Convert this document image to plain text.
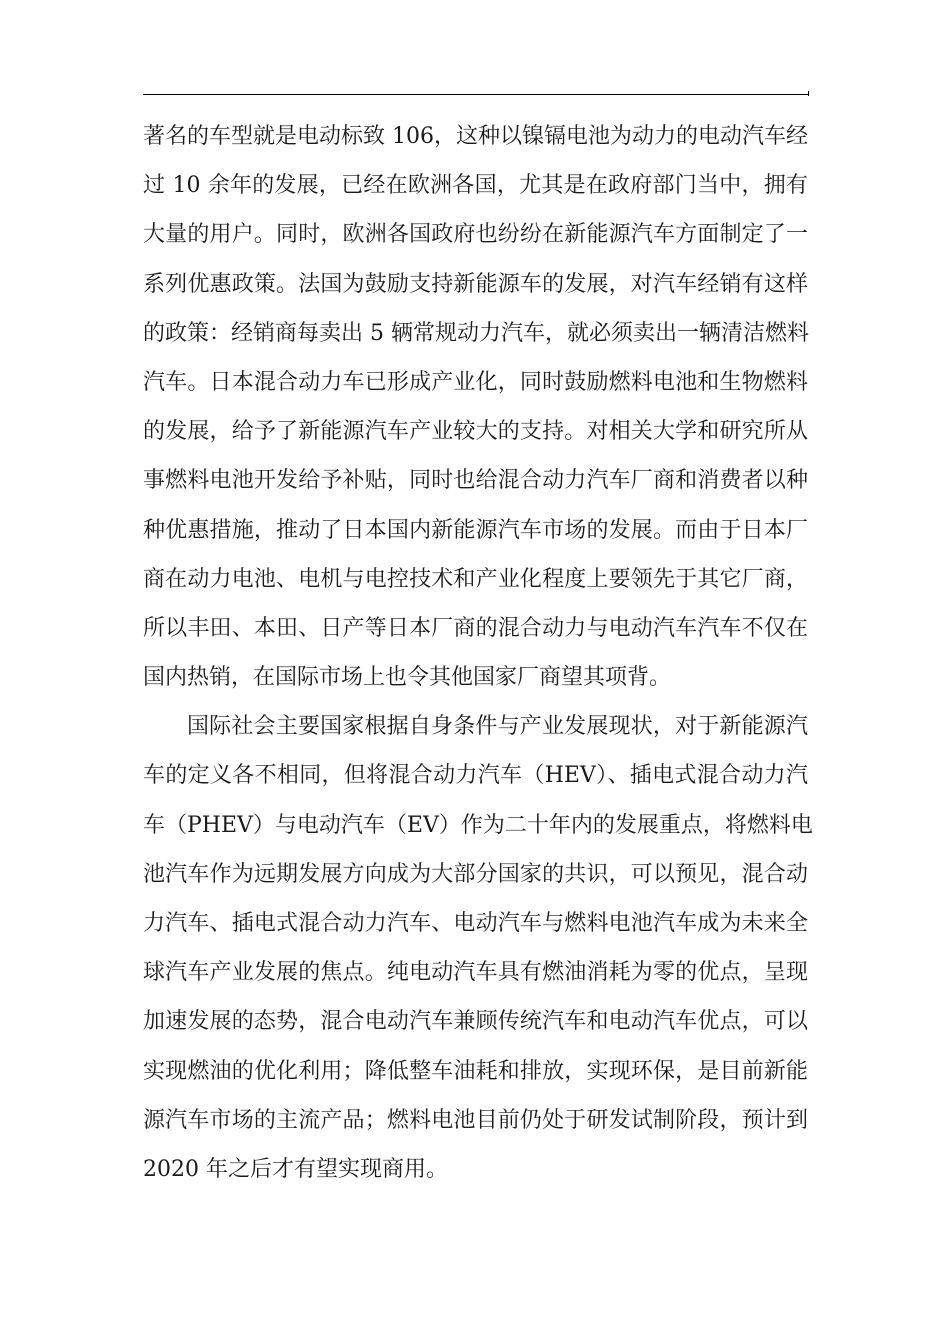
著名的车型就是电动标致 106，这种以镍镉电池为动力的电动汽车经
过 10 余年的发展，已经在欧洲各国，尤其是在政府部门当中，拥有
大量的用户。同时，欧洲各国政府也纷纷在新能源汽车方面制定了一
系列优惠政策。法国为鼓励支持新能源车的发展，对汽车经销有这样
的政策：经销商每卖出 5 辆常规动力汽车，就必须卖出一辆清洁燃料
汽车。日本混合动力车已形成产业化，同时鼓励燃料电池和生物燃料
的发展，给予了新能源汽车产业较大的支持。对相关大学和研究所从
事燃料电池开发给予补贴，同时也给混合动力汽车厂商和消费者以种
种优惠措施，推动了日本国内新能源汽车市场的发展。而由于日本厂
商在动力电池、电机与电控技术和产业化程度上要领先于其它厂商，
所以丰田、本田、日产等日本厂商的混合动力与电动汽车汽车不仅在
国内热销，在国际市场上也令其他国家厂商望其项背。
国际社会主要国家根据自身条件与产业发展现状，对于新能源汽
车的定义各不相同，但将混合动力汽车（HEV）、插电式混合动力汽
车（PHEV）与电动汽车（EV）作为二十年内的发展重点，将燃料电
池汽车作为远期发展方向成为大部分国家的共识，可以预见，混合动
力汽车、插电式混合动力汽车、电动汽车与燃料电池汽车成为未来全
球汽车产业发展的焦点。纯电动汽车具有燃油消耗为零的优点，呈现
加速发展的态势，混合电动汽车兼顾传统汽车和电动汽车优点，可以
实现燃油的优化利用；降低整车油耗和排放，实现环保，是目前新能
源汽车市场的主流产品；燃料电池目前仍处于研发试制阶段，预计到
2020 年之后才有望实现商用。
